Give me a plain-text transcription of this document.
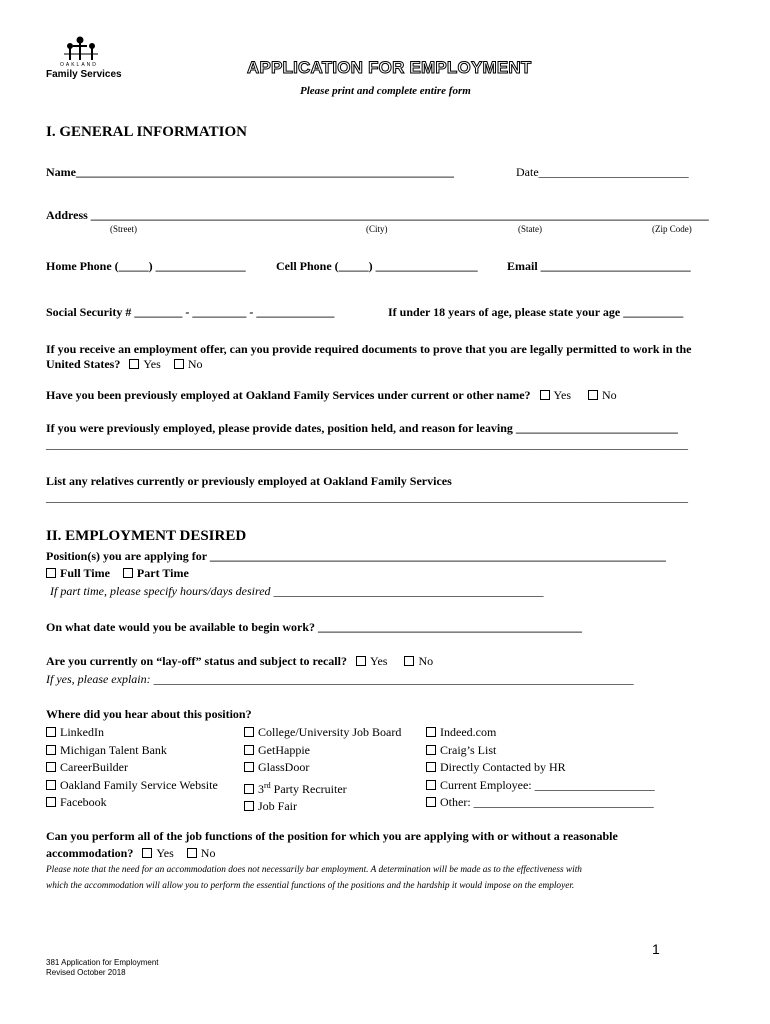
OAKLAND
Family Services	APPLICATION FOR EMPLOYMENT
Please print and complete entire form
I. GENERAL INFORMATION
Name_______________________________________________________________	Date_________________________
Address _______________________________________________________________________________________________________
(Street)	(City)	(State)	(Zip Code)
Home Phone (_____) _______________	Cell Phone (_____) _________________ Email _________________________
Social Security # ________ - _________ - _____________	If under 18 years of age, please state your age __________
If you receive an employment offer, can you provide required documents to prove that you are legally permitted to work in the
United States? Yes No
Have you been previously employed at Oakland Family Services under current or other name? Yes	No
If you were previously employed, please provide dates, position held, and reason for leaving ___________________________
___________________________________________________________________________________________________________
List any relatives currently or previously employed at Oakland Family Services
___________________________________________________________________________________________________________
II. EMPLOYMENT DESIRED
Position(s) you are applying for ____________________________________________________________________________
Full Time Part Time
If part time, please specify hours/days desired _____________________________________________
On what date would you be available to begin work? ____________________________________________
Are you currently on “lay-off” status and subject to recall? Yes	No
If yes, please explain: ________________________________________________________________________________
Where did you hear about this position?
LinkedIn
Michigan Talent Bank
CareerBuilder
Oakland Family Service Website
Facebook
College/University Job Board
GetHappie
GlassDoor
3rd Party Recruiter
Job Fair
Indeed.com
Craig’s List
Directly Contacted by HR
Current Employee: ____________________
Other: ______________________________
Can you perform all of the job functions of the position for which you are applying with or without a reasonable
accommodation? Yes No
Please note that the need for an accommodation does not necessarily bar employment. A determination will be made as to the effectiveness with
which the accommodation will allow you to perform the essential functions of the positions and the hardship it would impose on the employer.
1
381 Application for Employment
Revised October 2018
